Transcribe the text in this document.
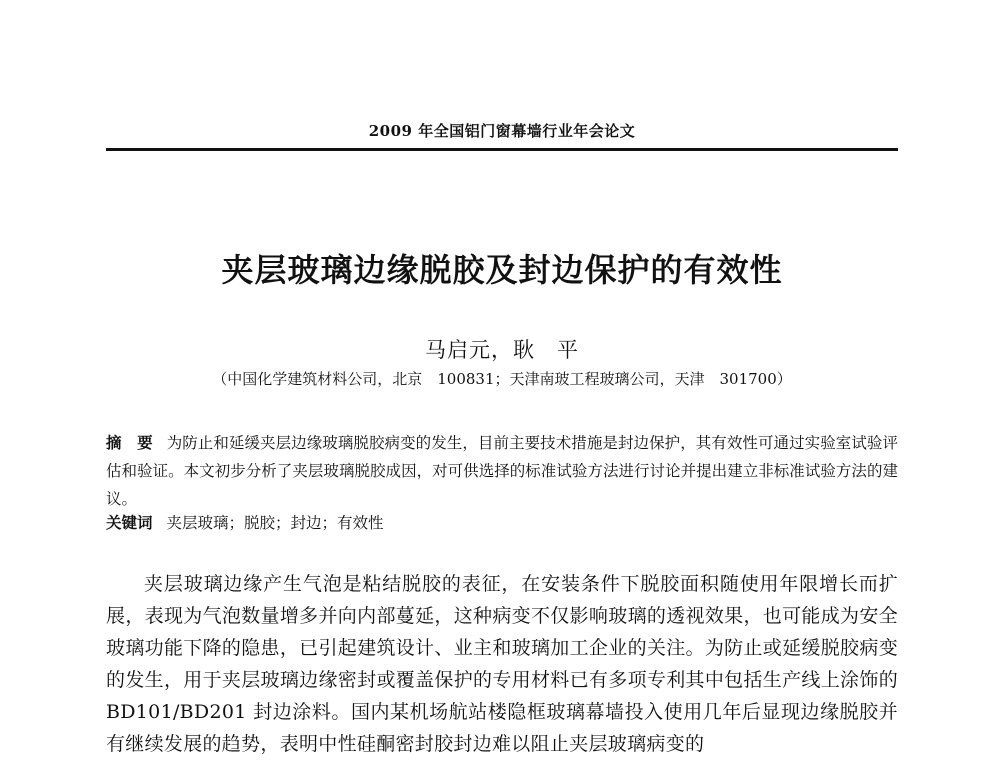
2009 年全国铝门窗幕墙行业年会论文
夹层玻璃边缘脱胶及封边保护的有效性
马启元，耿　平
（中国化学建筑材料公司，北京　100831；天津南玻工程玻璃公司，天津　301700）
摘　要 为防止和延缓夹层边缘玻璃脱胶病变的发生，目前主要技术措施是封边保护，其有效性可通过实验室试验评估和验证。本文初步分析了夹层玻璃脱胶成因，对可供选择的标准试验方法进行讨论并提出建立非标准试验方法的建议。
关键词 夹层玻璃；脱胶；封边；有效性
夹层玻璃边缘产生气泡是粘结脱胶的表征，在安装条件下脱胶面积随使用年限增长而扩展，表现为气泡数量增多并向内部蔓延，这种病变不仅影响玻璃的透视效果，也可能成为安全玻璃功能下降的隐患，已引起建筑设计、业主和玻璃加工企业的关注。为防止或延缓脱胶病变的发生，用于夹层玻璃边缘密封或覆盖保护的专用材料已有多项专利其中包括生产线上涂饰的 BD101/BD201 封边涂料。国内某机场航站楼隐框玻璃幕墙投入使用几年后显现边缘脱胶并有继续发展的趋势，表明中性硅酮密封胶封边难以阻止夹层玻璃病变的
